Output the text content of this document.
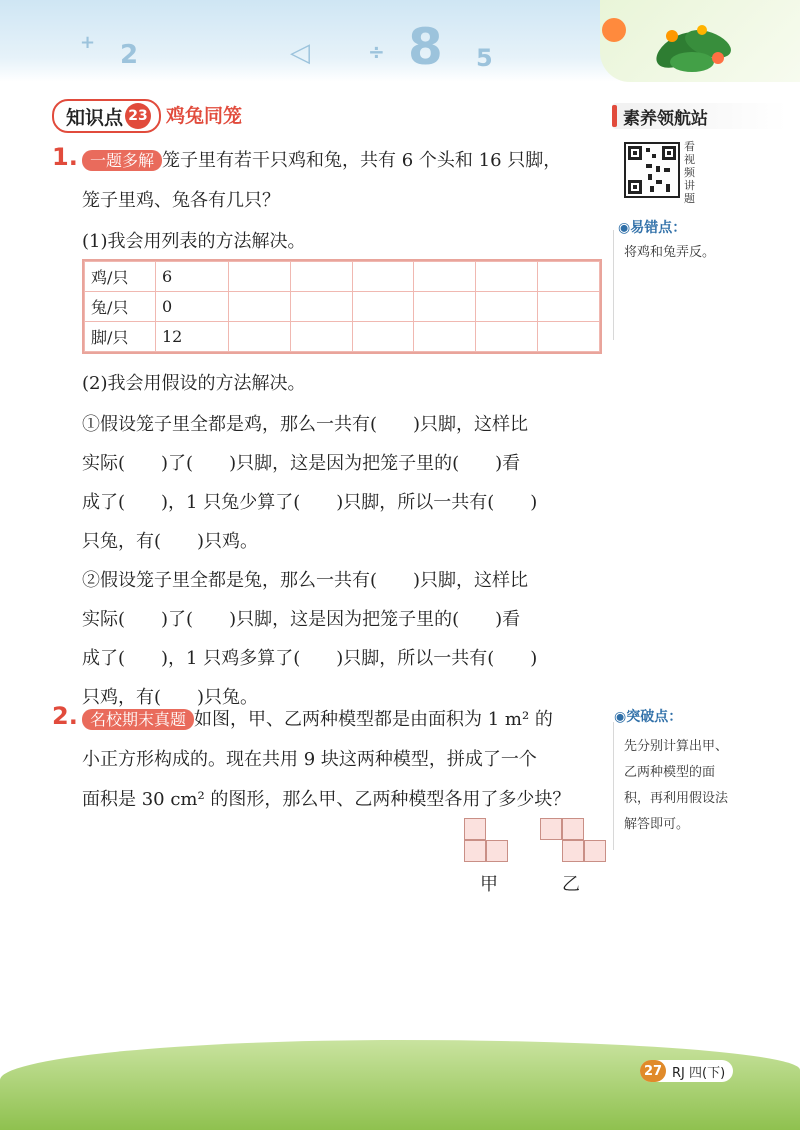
+ 2	◁	÷ 8 5
知识点 23 鸡兔同笼	素养领航站
看视频讲题
◉易错点：
将鸡和兔弄反。
◉突破点：
先分别计算出甲、
乙两种模型的面
积，再利用假设法
解答即可。
1. 一题多解 笼子里有若干只鸡和兔，共有 6 个头和 16 只脚，
笼子里鸡、兔各有几只？
(1)我会用列表的方法解决。
鸡/只	6						
兔/只	0						
脚/只	12						
(2)我会用假设的方法解决。
①假设笼子里全都是鸡，那么一共有(　　)只脚，这样比
实际(　　)了(　　)只脚，这是因为把笼子里的(　　)看
成了(　　)，1 只兔少算了(　　)只脚，所以一共有(　　)
只兔，有(　　)只鸡。
②假设笼子里全都是兔，那么一共有(　　)只脚，这样比
实际(　　)了(　　)只脚，这是因为把笼子里的(　　)看
成了(　　)，1 只鸡多算了(　　)只脚，所以一共有(　　)
只鸡，有(　　)只兔。
2. 名校期末真题 如图，甲、乙两种模型都是由面积为 1 m² 的
小正方形构成的。现在共用 9 块这两种模型，拼成了一个
面积是 30 cm² 的图形，那么甲、乙两种模型各用了多少块？
甲	乙
27 RJ 四(下)
